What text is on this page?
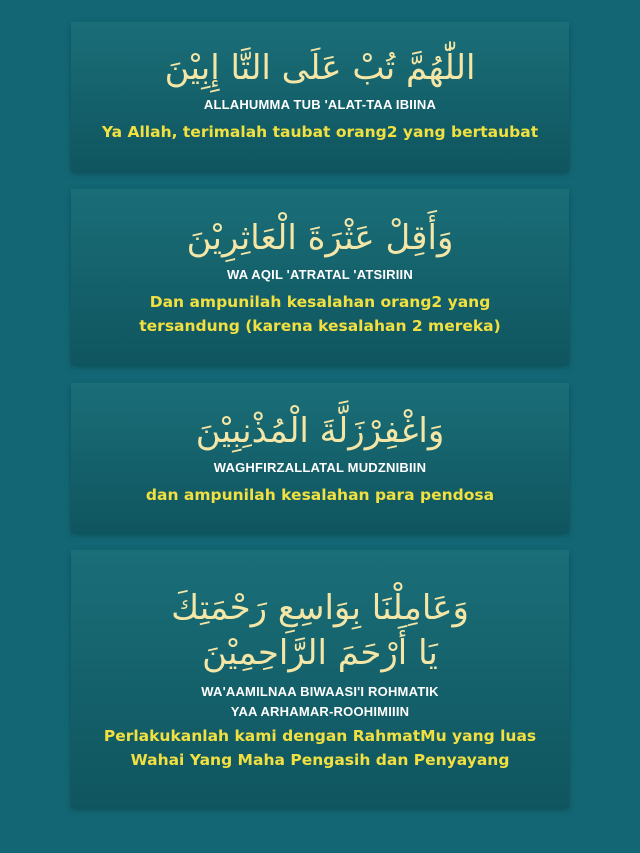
اللّٰهُمَّ تُبْ عَلَى التَّا إِبِيْنَ

ALLAHUMMA TUB 'ALAT-TAA IBIINA

Ya Allah, terimalah taubat orang2 yang bertaubat

وَأَقِلْ عَثْرَةَ الْعَاثِرِيْنَ

WA AQIL 'ATRATAL 'ATSIRIIN

Dan ampunilah kesalahan orang2 yang

tersandung (karena kesalahan 2 mereka)

وَاغْفِرْزَلَّةَ الْمُذْنِبِيْنَ

WAGHFIRZALLATAL MUDZNIBIIN

dan ampunilah kesalahan para pendosa

وَعَامِلْنَا بِوَاسِعِ رَحْمَتِكَ

يَا أَرْحَمَ الرَّاحِمِيْنَ

WA'AAMILNAA BIWAASI'I ROHMATIK

YAA ARHAMAR-ROOHIMIIIN

Perlakukanlah kami dengan RahmatMu yang luas

Wahai Yang Maha Pengasih dan Penyayang
